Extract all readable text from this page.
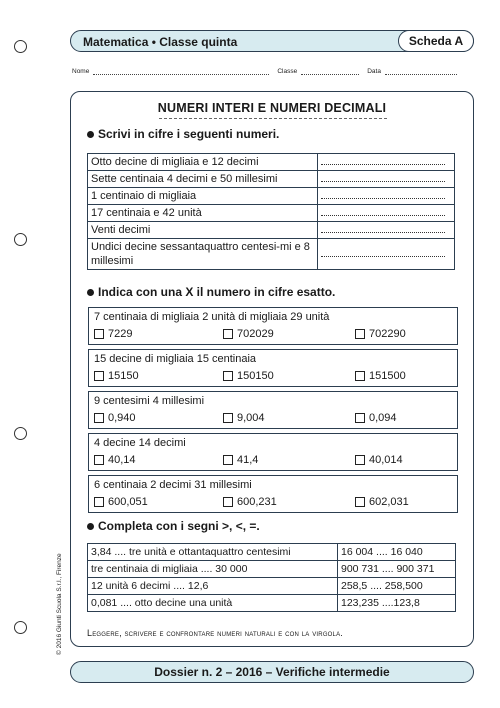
Matematica • Classe quinta	Scheda A
Nome	Classe	Data
NUMERI INTERI E NUMERI DECIMALI
Scrivi in cifre i seguenti numeri.
Otto decine di migliaia e 12 decimi	
Sette centinaia 4 decimi e 50 millesimi	
1 centinaio di migliaia	
17 centinaia e 42 unità	
Venti decimi	
Undici decine sessantaquattro centesi-mi e 8 millesimi	
Indica con una X il numero in cifre esatto.
7 centinaia di migliaia 2 unità di migliaia 29 unità
7229	702029	702290
15 decine di migliaia 15 centinaia
15150	150150	151500
9 centesimi 4 millesimi
0,940	9,004	0,094
4 decine 14 decimi
40,14	41,4	40,014
6 centinaia 2 decimi 31 millesimi
600,051	600,231	602,031
Completa con i segni >, <, =.
3,84 .... tre unità e ottantaquattro centesimi	16 004 .... 16 040
tre centinaia di migliaia .... 30 000	900 731 .... 900 371
12 unità 6 decimi .... 12,6	258,5 .... 258,500
0,081 .... otto decine una unità	123,235 ....123,8
Leggere, scrivere e confrontare numeri naturali e con la virgola.
© 2016 Giunti Scuola S.r.l., Firenze
Dossier n. 2 – 2016 – Verifiche intermedie
